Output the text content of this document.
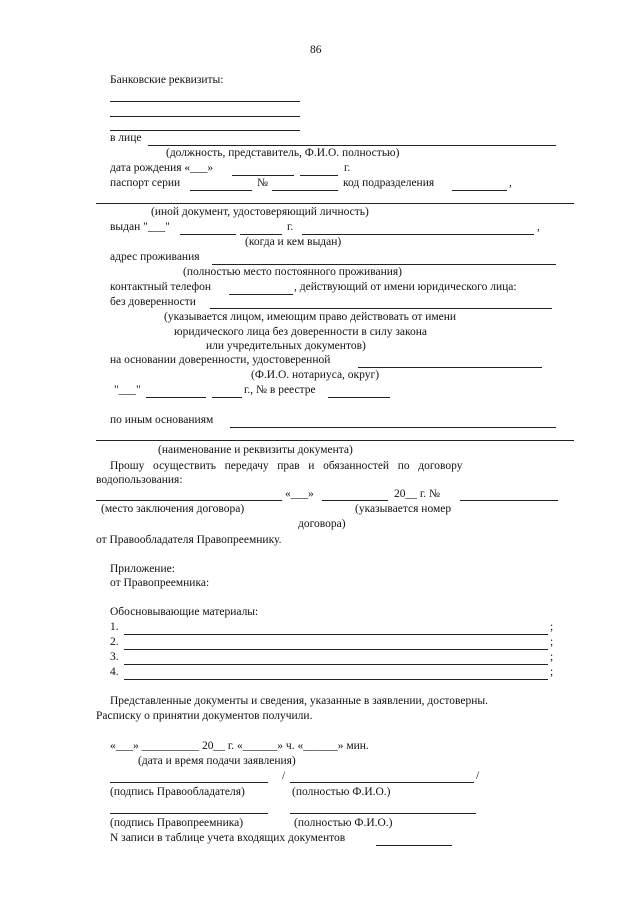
86
Банковские реквизиты:
в лице
(должность, представитель, Ф.И.О. полностью)
дата рождения «___»	г.
паспорт серии	№	код подразделения	,
(иной документ, удостоверяющий личность)
выдан "___"	г.	,
(когда и кем выдан)
адрес проживания
(полностью место постоянного проживания)
контактный телефон	, действующий от имени юридического лица:
без доверенности
(указывается лицом, имеющим право действовать от имени
юридического лица без доверенности в силу закона
или учредительных документов)
на основании доверенности, удостоверенной
(Ф.И.О. нотариуса, округ)
"___"	г., № в реестре
по иным основаниям
(наименование и реквизиты документа)
Прошу   осуществить   передачу   прав   и   обязанностей   по   договору
водопользования:
«___»	20__ г. №
(место заключения договора)	(указывается номер
договора)
от Правообладателя Правопреемнику.
Приложение:
от Правопреемника:
Обосновывающие материалы:
1.	;
2.	;
3.	;
4.	;
Представленные документы и сведения, указанные в заявлении, достоверны.
Расписку о принятии документов получили.
«___» __________ 20__ г. «______» ч. «______» мин.
(дата и время подачи заявления)
/	/
(подпись Правообладателя)	(полностью Ф.И.О.)
(подпись Правопреемника)	(полностью Ф.И.О.)
N записи в таблице учета входящих документов
